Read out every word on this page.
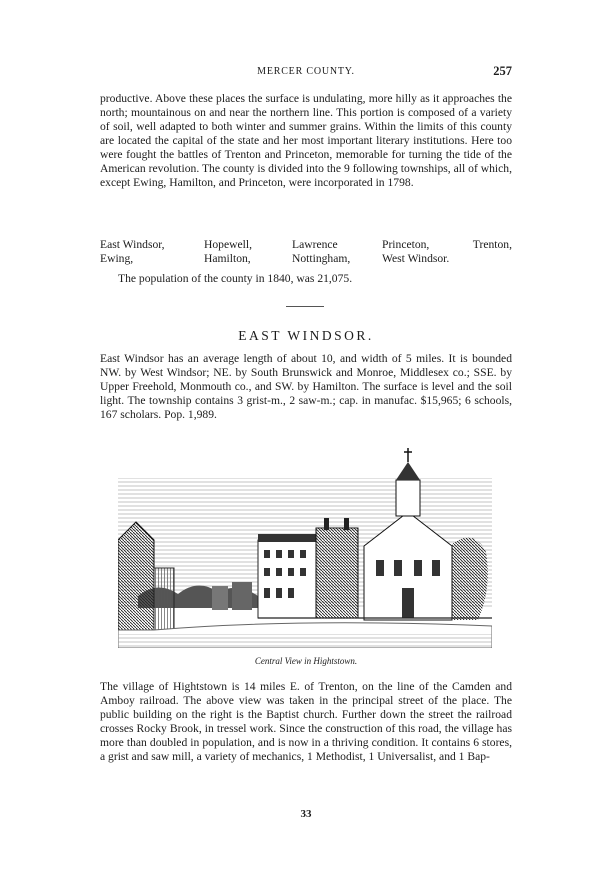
MERCER COUNTY.	257

productive. Above these places the surface is undulating, more hilly as it approaches the north; mountainous on and near the northern line. This portion is composed of a variety of soil, well adapted to both winter and summer grains. Within the limits of this county are located the capital of the state and her most important literary institutions. Here too were fought the battles of Trenton and Princeton, memorable for turning the tide of the American revolution. The county is divided into the 9 following townships, all of which, except Ewing, Hamilton, and Princeton, were incorporated in 1798.

East Windsor,	Hopewell,	Lawrence	Princeton,	Trenton,
Ewing,	Hamilton,	Nottingham,	West Windsor.
The population of the county in 1840, was 21,075.
EAST WINDSOR.

East Windsor has an average length of about 10, and width of 5 miles. It is bounded NW. by West Windsor; NE. by South Brunswick and Monroe, Middlesex co.; SSE. by Upper Freehold, Monmouth co., and SW. by Hamilton. The surface is level and the soil light. The township contains 3 grist-m., 2 saw-m.; cap. in manufac. $15,965; 6 schools, 167 scholars. Pop. 1,989.

Central View in Hightstown.

The village of Hightstown is 14 miles E. of Trenton, on the line of the Camden and Amboy railroad. The above view was taken in the principal street of the place. The public building on the right is the Baptist church. Further down the street the railroad crosses Rocky Brook, in tressel work. Since the construction of this road, the village has more than doubled in population, and is now in a thriving condition. It contains 6 stores, a grist and saw mill, a variety of mechanics, 1 Methodist, 1 Universalist, and 1 Bap-

33
